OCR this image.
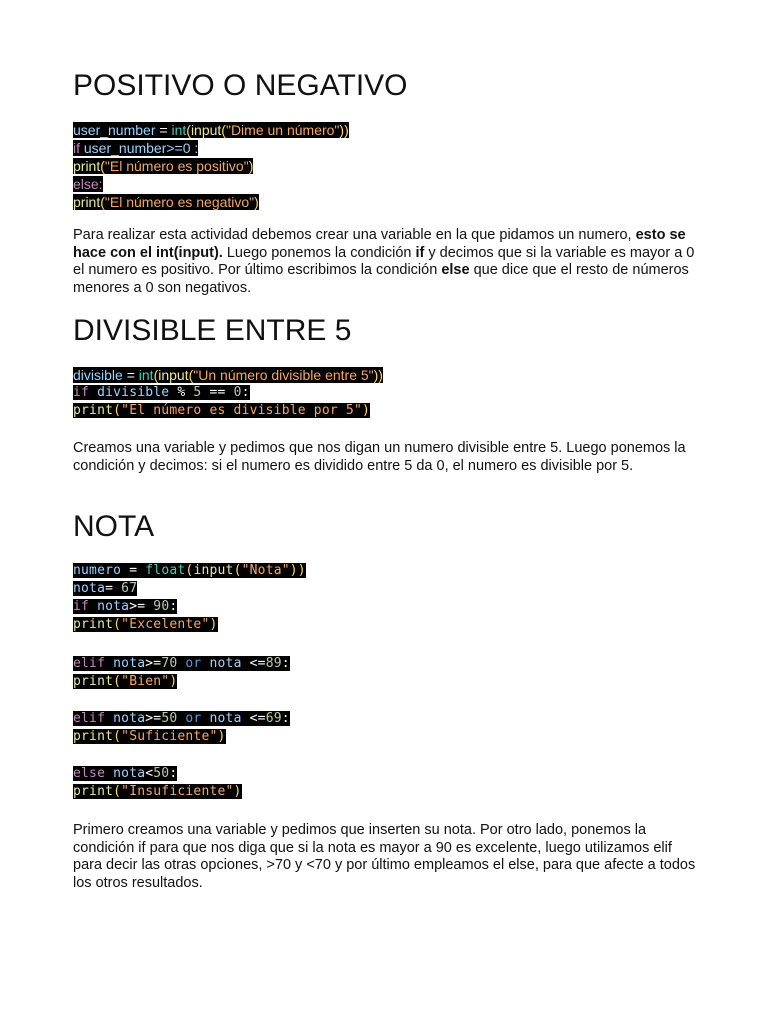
POSITIVO O NEGATIVO
user_number = int(input("Dime un número"))
if user_number>=0 :
print("El número es positivo")
else:
print("El número es negativo")

Para realizar esta actividad debemos crear una variable en la que pidamos un numero, esto se hace con el int(input). Luego ponemos la condición if y decimos que si la variable es mayor a 0 el numero es positivo. Por último escribimos la condición else que dice que el resto de números menores a 0 son negativos.

DIVISIBLE ENTRE 5
divisible = int(input("Un número divisible entre 5"))
if divisible % 5 == 0:
print("El número es divisible por 5")

Creamos una variable y pedimos que nos digan un numero divisible entre 5. Luego ponemos la condición y decimos: si el numero es dividido entre 5 da 0, el numero es divisible por 5.

NOTA
numero = float(input("Nota"))
nota= 67
if nota>= 90:
print("Excelente")
elif nota>=70 or nota <=89:
print("Bien")
elif nota>=50 or nota <=69:
print("Suficiente")
else nota<50:
print("Insuficiente")

Primero creamos una variable y pedimos que inserten su nota. Por otro lado, ponemos la condición if para que nos diga que si la nota es mayor a 90 es excelente, luego utilizamos elif para decir las otras opciones, >70 y <70 y por último empleamos el else, para que afecte a todos los otros resultados.
